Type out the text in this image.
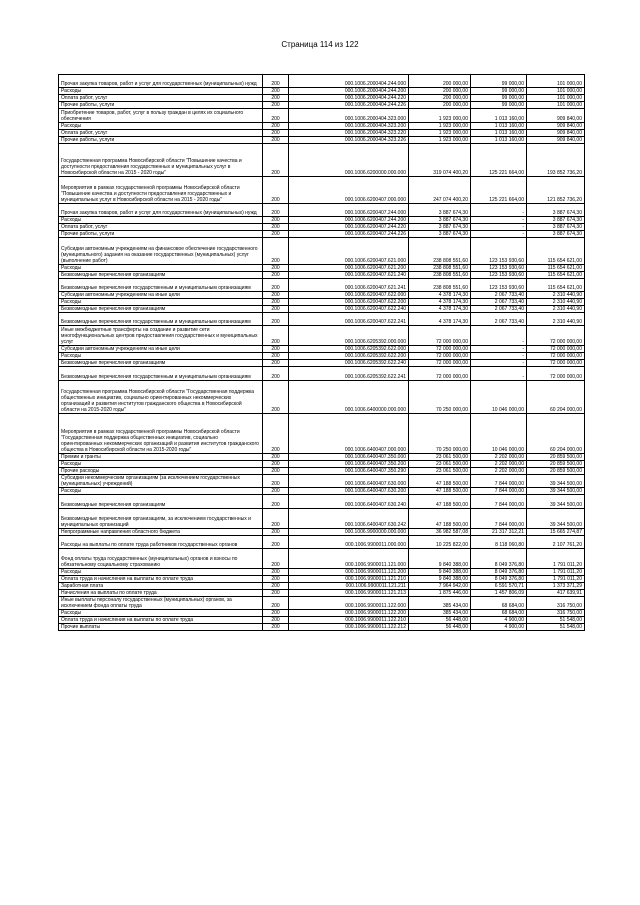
Страница 114 из 122
Прочая закупка товаров, работ и услуг для государственных (муниципальных) нужд	200	000.1006.2000404.244.000	200 000,00	99 000,00	101 000,00
Расходы	200	000.1006.2000404.244.200	200 000,00	99 000,00	101 000,00
Оплата работ, услуг	200	000.1006.2000404.244.220	200 000,00	99 000,00	101 000,00
Прочие работы, услуги	200	000.1006.2000404.244.226	200 000,00	99 000,00	101 000,00
Приобретение товаров, работ, услуг в пользу граждан в целях их социального обеспечения	200	000.1006.2000404.323.000	1 923 000,00	1 013 160,00	909 840,00
Расходы	200	000.1006.2000404.323.200	1 923 000,00	1 013 160,00	909 840,00
Оплата работ, услуг	200	000.1006.2000404.323.220	1 923 000,00	1 013 160,00	909 840,00
Прочие работы, услуги	200	000.1006.2000404.323.226	1 923 000,00	1 013 160,00	909 840,00
Государственная программа Новосибирской области "Повышение качества и доступности предоставления государственных и муниципальных услуг в Новосибирской области на 2015 - 2020 годы"	200	000.1006.6200000.000.000	319 074 400,20	125 221 664,00	193 852 736,20
Мероприятия в рамках государственной программы Новосибирской области "Повышение качества и доступности предоставления государственных и муниципальных услуг в Новосибирской области на 2015 - 2020 годы"	200	000.1006.6200407.000.000	247 074 400,20	125 221 664,00	121 852 736,20
Прочая закупка товаров, работ и услуг для государственных (муниципальных) нужд	200	000.1006.6200407.244.000	3 887 674,30	-	3 887 674,30
Расходы	200	000.1006.6200407.244.200	3 887 674,30	-	3 887 674,30
Оплата работ, услуг	200	000.1006.6200407.244.220	3 887 674,30	-	3 887 674,30
Прочие работы, услуги	200	000.1006.6200407.244.226	3 887 674,30	-	3 887 674,30
Субсидии автономным учреждениям на финансовое обеспечение государственного (муниципального) задания на оказание государственных (муниципальных) услуг (выполнение работ)	200	000.1006.6200407.621.000	238 808 551,60	123 153 930,60	115 654 621,00
Расходы	200	000.1006.6200407.621.200	238 808 551,60	123 153 930,60	115 654 621,00
Безвозмездные перечисления организациям	200	000.1006.6200407.621.240	238 808 551,60	123 153 930,60	115 654 621,00
Безвозмездные перечисления государственным и муниципальным организациям	200	000.1006.6200407.621.241	238 808 551,60	123 153 930,60	115 654 621,00
Субсидии автономным учреждениям на иные цели	200	000.1006.6200407.622.000	4 378 174,30	2 067 733,40	2 310 440,90
Расходы	200	000.1006.6200407.622.200	4 378 174,30	2 067 733,40	2 310 440,90
Безвозмездные перечисления организациям	200	000.1006.6200407.622.240	4 378 174,30	2 067 733,40	2 310 440,90
Безвозмездные перечисления государственным и муниципальным организациям	200	000.1006.6200407.622.241	4 378 174,30	2 067 733,40	2 310 440,90
Иные межбюджетные трансферты на создание и развитие сети многофункциональных центров предоставления государственных и муниципальных услуг	200	000.1006.6205392.000.000	72 000 000,00	-	72 000 000,00
Субсидии автономным учреждениям на иные цели	200	000.1006.6205392.622.000	72 000 000,00	-	72 000 000,00
Расходы	200	000.1006.6205392.622.200	72 000 000,00	-	72 000 000,00
Безвозмездные перечисления организациям	200	000.1006.6205392.622.240	72 000 000,00	-	72 000 000,00
Безвозмездные перечисления государственным и муниципальным организациям	200	000.1006.6205392.622.241	72 000 000,00	-	72 000 000,00
Государственная программа Новосибирской области "Государственная поддержка общественных инициатив, социально ориентированных некоммерческих организаций и развития институтов гражданского общества в Новосибирской области на 2015-2020 годы"	200	000.1006.6400000.000.000	70 250 000,00	10 046 000,00	60 204 000,00
Мероприятия в рамках государственной программы Новосибирской области "Государственная поддержка общественных инициатив, социально ориентированных некоммерческих организаций и развития институтов гражданского общества в Новосибирской области на 2015-2020 годы"	200	000.1006.6400407.000.000	70 250 000,00	10 046 000,00	60 204 000,00
Премии и гранты	200	000.1006.6400407.350.000	23 061 500,00	2 202 000,00	20 859 500,00
Расходы	200	000.1006.6400407.350.200	23 061 500,00	2 202 000,00	20 859 500,00
Прочие расходы	200	000.1006.6400407.350.290	23 061 500,00	2 202 000,00	20 859 500,00
Субсидии некоммерческим организациям (за исключением государственных (муниципальных) учреждений)	200	000.1006.6400407.630.000	47 188 500,00	7 844 000,00	39 344 500,00
Расходы	200	000.1006.6400407.630.200	47 188 500,00	7 844 000,00	39 344 500,00
Безвозмездные перечисления организациям	200	000.1006.6400407.630.240	47 188 500,00	7 844 000,00	39 344 500,00
Безвозмездные перечисления организациям, за исключением государственных и муниципальных организаций	200	000.1006.6400407.630.242	47 188 500,00	7 844 000,00	39 344 500,00
Непрограммные направления областного бюджета	200	000.1006.9900000.000.000	36 982 587,08	21 317 312,21	15 665 274,87
Расходы на выплаты по оплате труда работников государственных органов	200	000.1006.9900011.000.000	10 225 822,00	8 118 060,80	2 107 761,20
Фонд оплаты труда государственных (муниципальных) органов и взносы по обязательному социальному страхованию	200	000.1006.9900011.121.000	9 840 388,00	8 049 376,80	1 791 011,20
Расходы	200	000.1006.9900011.121.200	9 840 388,00	8 049 376,80	1 791 011,20
Оплата труда и начисления на выплаты по оплате труда	200	000.1006.9900011.121.210	9 840 388,00	8 049 376,80	1 791 011,20
Заработная плата	200	000.1006.9900011.121.211	7 964 942,00	6 591 570,71	1 373 371,29
Начисления на выплаты по оплате труда	200	000.1006.9900011.121.213	1 875 446,00	1 457 806,09	417 639,91
Иные выплаты персоналу государственных (муниципальных) органов, за исключением фонда оплаты труда	200	000.1006.9900011.122.000	385 434,00	68 684,00	316 750,00
Расходы	200	000.1006.9900011.122.200	385 434,00	68 684,00	316 750,00
Оплата труда и начисления на выплаты по оплате труда	200	000.1006.9900011.122.210	56 448,00	4 900,00	51 548,00
Прочие выплаты	200	000.1006.9900011.122.212	56 448,00	4 900,00	51 548,00
